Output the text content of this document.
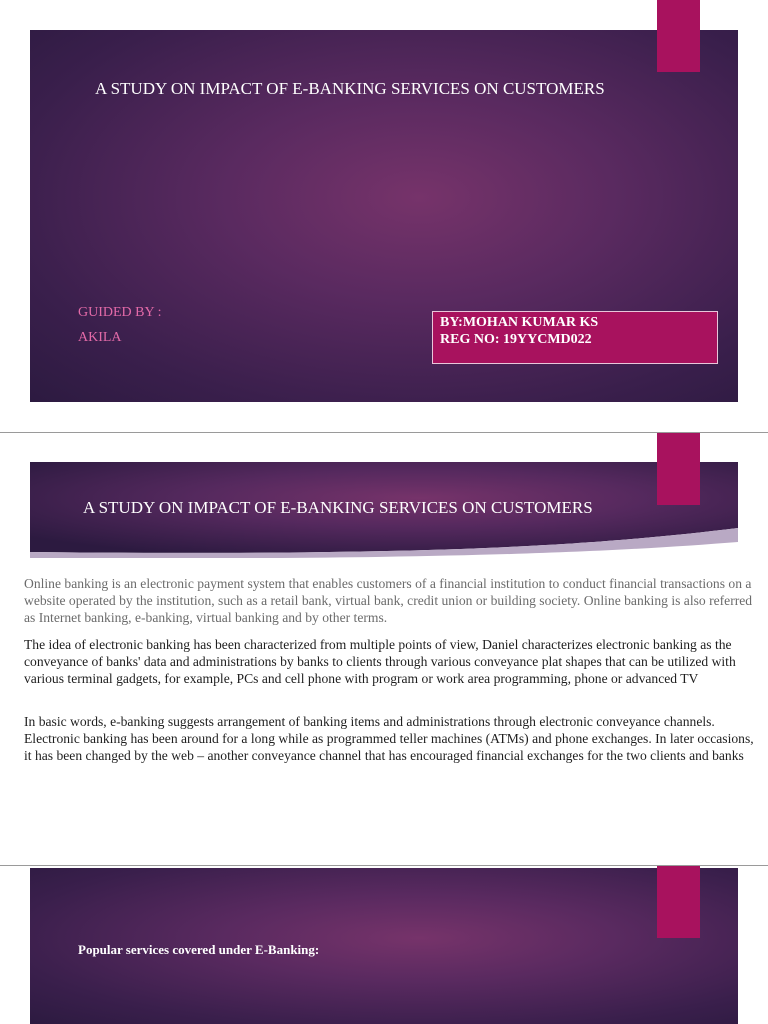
A STUDY ON IMPACT OF E-BANKING SERVICES ON CUSTOMERS
GUIDED BY :
AKILA
BY:MOHAN KUMAR KS
REG NO: 19YYCMD022
A STUDY ON IMPACT OF E-BANKING SERVICES ON CUSTOMERS
Online banking is an electronic payment system that enables customers of a financial institution to conduct financial transactions on a website operated by the institution, such as a retail bank, virtual bank, credit union or building society. Online banking is also referred as Internet banking, e-banking, virtual banking and by other terms.
The idea of electronic banking has been characterized from multiple points of view, Daniel characterizes electronic banking as the conveyance of banks' data and administrations by banks to clients through various conveyance plat shapes that can be utilized with various terminal gadgets, for example, PCs and cell phone with program or work area programming, phone or advanced TV
In basic words, e-banking suggests arrangement of banking items and administrations through electronic conveyance channels. Electronic banking has been around for a long while as programmed teller machines (ATMs) and phone exchanges. In later occasions, it has been changed by the web – another conveyance channel that has encouraged financial exchanges for the two clients and banks
Popular services covered under E-Banking:
